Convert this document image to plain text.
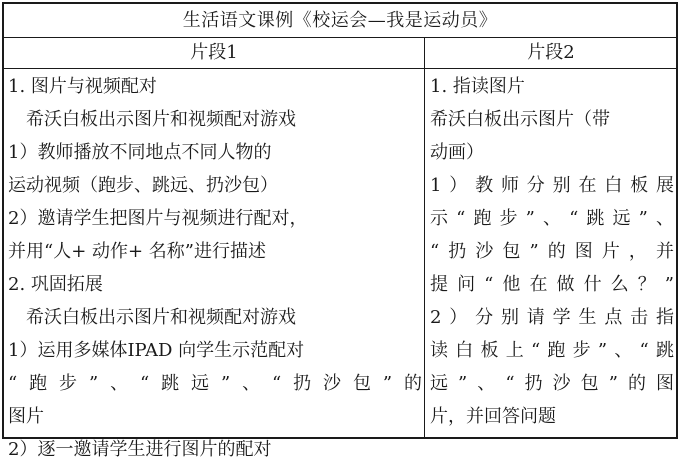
生活语文课例《校运会—我是运动员》
片段1	片段2
1. 图片与视频配对
希沃白板出示图片和视频配对游戏
1）教师播放不同地点不同人物的
运动视频（跑步、跳远、扔沙包）
2）邀请学生把图片与视频进行配对，
并用“人+ 动作+ 名称”进行描述
2. 巩固拓展
希沃白板出示图片和视频配对游戏
1）运用多媒体IPAD 向学生示范配对
“跑步”、“跳远”、“扔沙包”的
图片
2）逐一邀请学生进行图片的配对
1. 指读图片
希沃白板出示图片（带
动画）
1）教师分别在白板展
示“跑步”、“跳远”、
“扔沙包”的图片，并
提问“他在做什么？”
2）分别请学生点击指
读白板上“跑步”、“跳
远”、“扔沙包”的图
片，并回答问题
